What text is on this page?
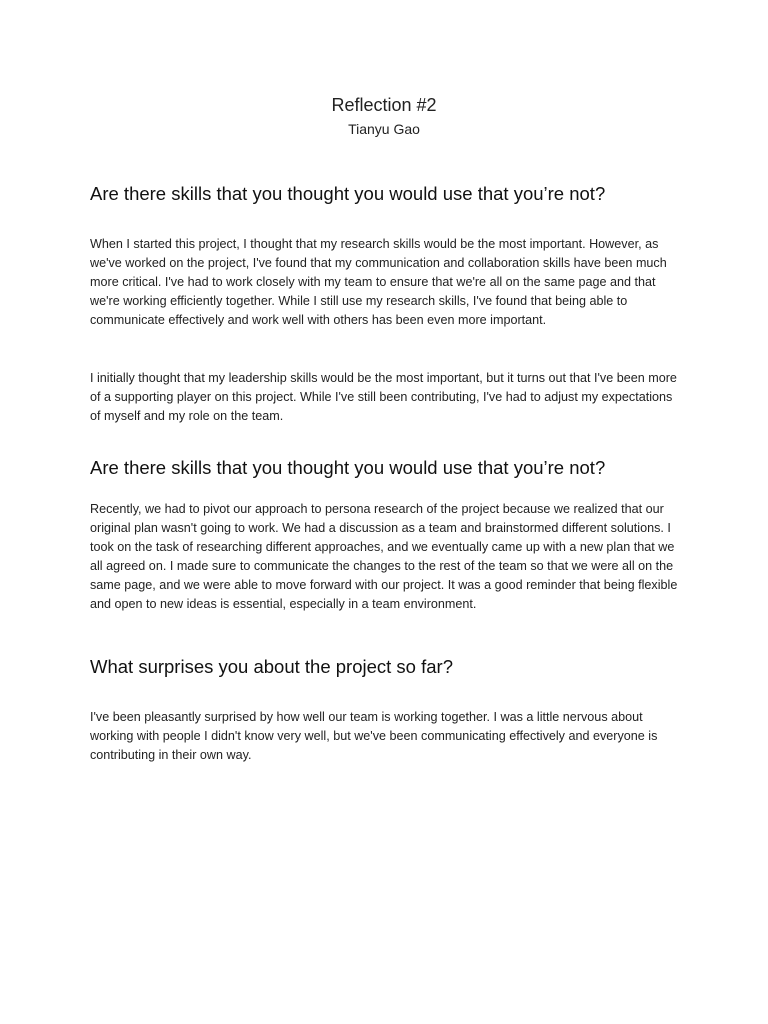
Reflection #2
Tianyu Gao
Are there skills that you thought you would use that you’re not?

When I started this project, I thought that my research skills would be the most important. However, as we've worked on the project, I've found that my communication and collaboration skills have been much more critical. I've had to work closely with my team to ensure that we're all on the same page and that we're working efficiently together. While I still use my research skills, I've found that being able to communicate effectively and work well with others has been even more important.

I initially thought that my leadership skills would be the most important, but it turns out that I've been more of a supporting player on this project. While I've still been contributing, I've had to adjust my expectations of myself and my role on the team.

Are there skills that you thought you would use that you’re not?

Recently, we had to pivot our approach to persona research of the project because we realized that our original plan wasn't going to work. We had a discussion as a team and brainstormed different solutions. I took on the task of researching different approaches, and we eventually came up with a new plan that we all agreed on. I made sure to communicate the changes to the rest of the team so that we were all on the same page, and we were able to move forward with our project. It was a good reminder that being flexible and open to new ideas is essential, especially in a team environment.

What surprises you about the project so far?

I've been pleasantly surprised by how well our team is working together. I was a little nervous about working with people I didn't know very well, but we've been communicating effectively and everyone is contributing in their own way.
